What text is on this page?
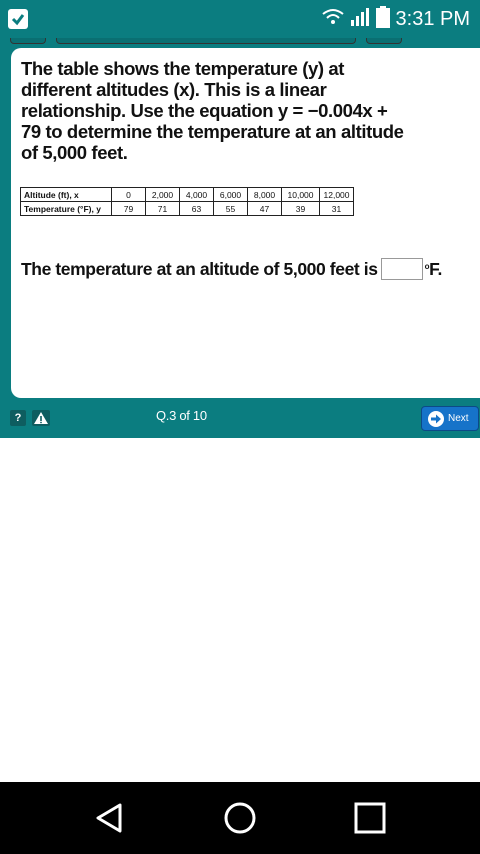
3:31 PM
The table shows the temperature (y) at different altitudes (x). This is a linear relationship. Use the equation y = −0.004x + 79 to determine the temperature at an altitude of 5,000 feet.
Altitude (ft), x	0	2,000	4,000	6,000	8,000	10,000	12,000
Temperature (°F), y	79	71	63	55	47	39	31
The temperature at an altitude of 5,000 feet is	o F.
?	Q.3 of 10	Next
